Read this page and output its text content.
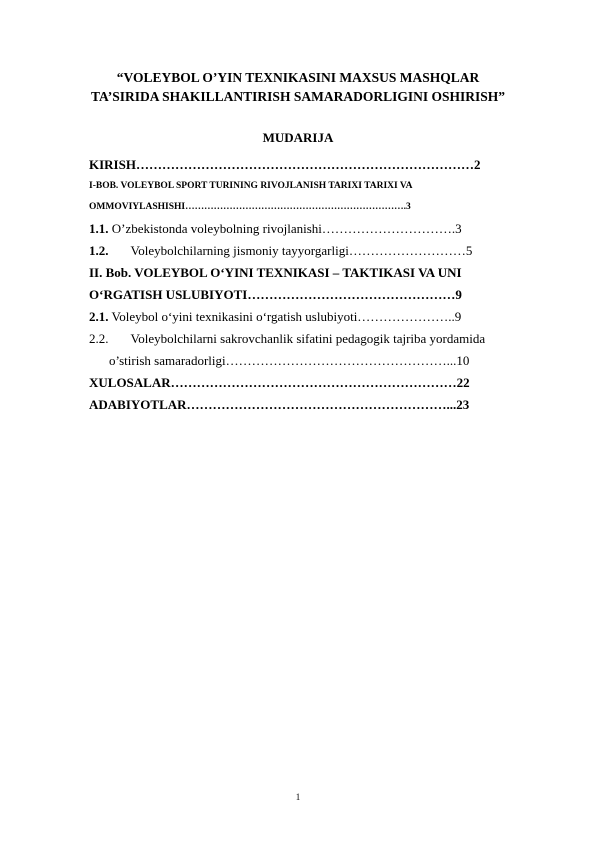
“VOLEYBOL O’YIN TEXNIKASINI MAXSUS MASHQLAR
TA’SIRIDA SHAKILLANTIRISH SAMARADORLIGINI OSHIRISH”
MUDARIJA
KIRISH……………………………………………………………………2
I-BOB. VOLEYBOL SPORT TURINING RIVOJLANISH TARIXI TARIXI VA
OMMOVIYLASHISHI…………………………………………………………….3
1.1. O’zbekistonda voleybolning rivojlanishi………………………….3
1.2. Voleybolchilarning jismoniy tayyorgarligi………………………5
II. Bob. VOLEYBOL O‘YINI TEXNIKASI – TAKTIKASI VA UNI
O‘RGATISH USLUBIYOTI…………………………………………9
2.1. Voleybol o‘yini texnikasini o‘rgatish uslubiyoti…………………..9
2.2. Voleybolchilarni sakrovchanlik sifatini pedagogik tajriba yordamida
o’stirish samaradorligi……………………………………………...10
XULOSALAR…………………………………………………………22
ADABIYOTLAR……………………………………………………...23
1
